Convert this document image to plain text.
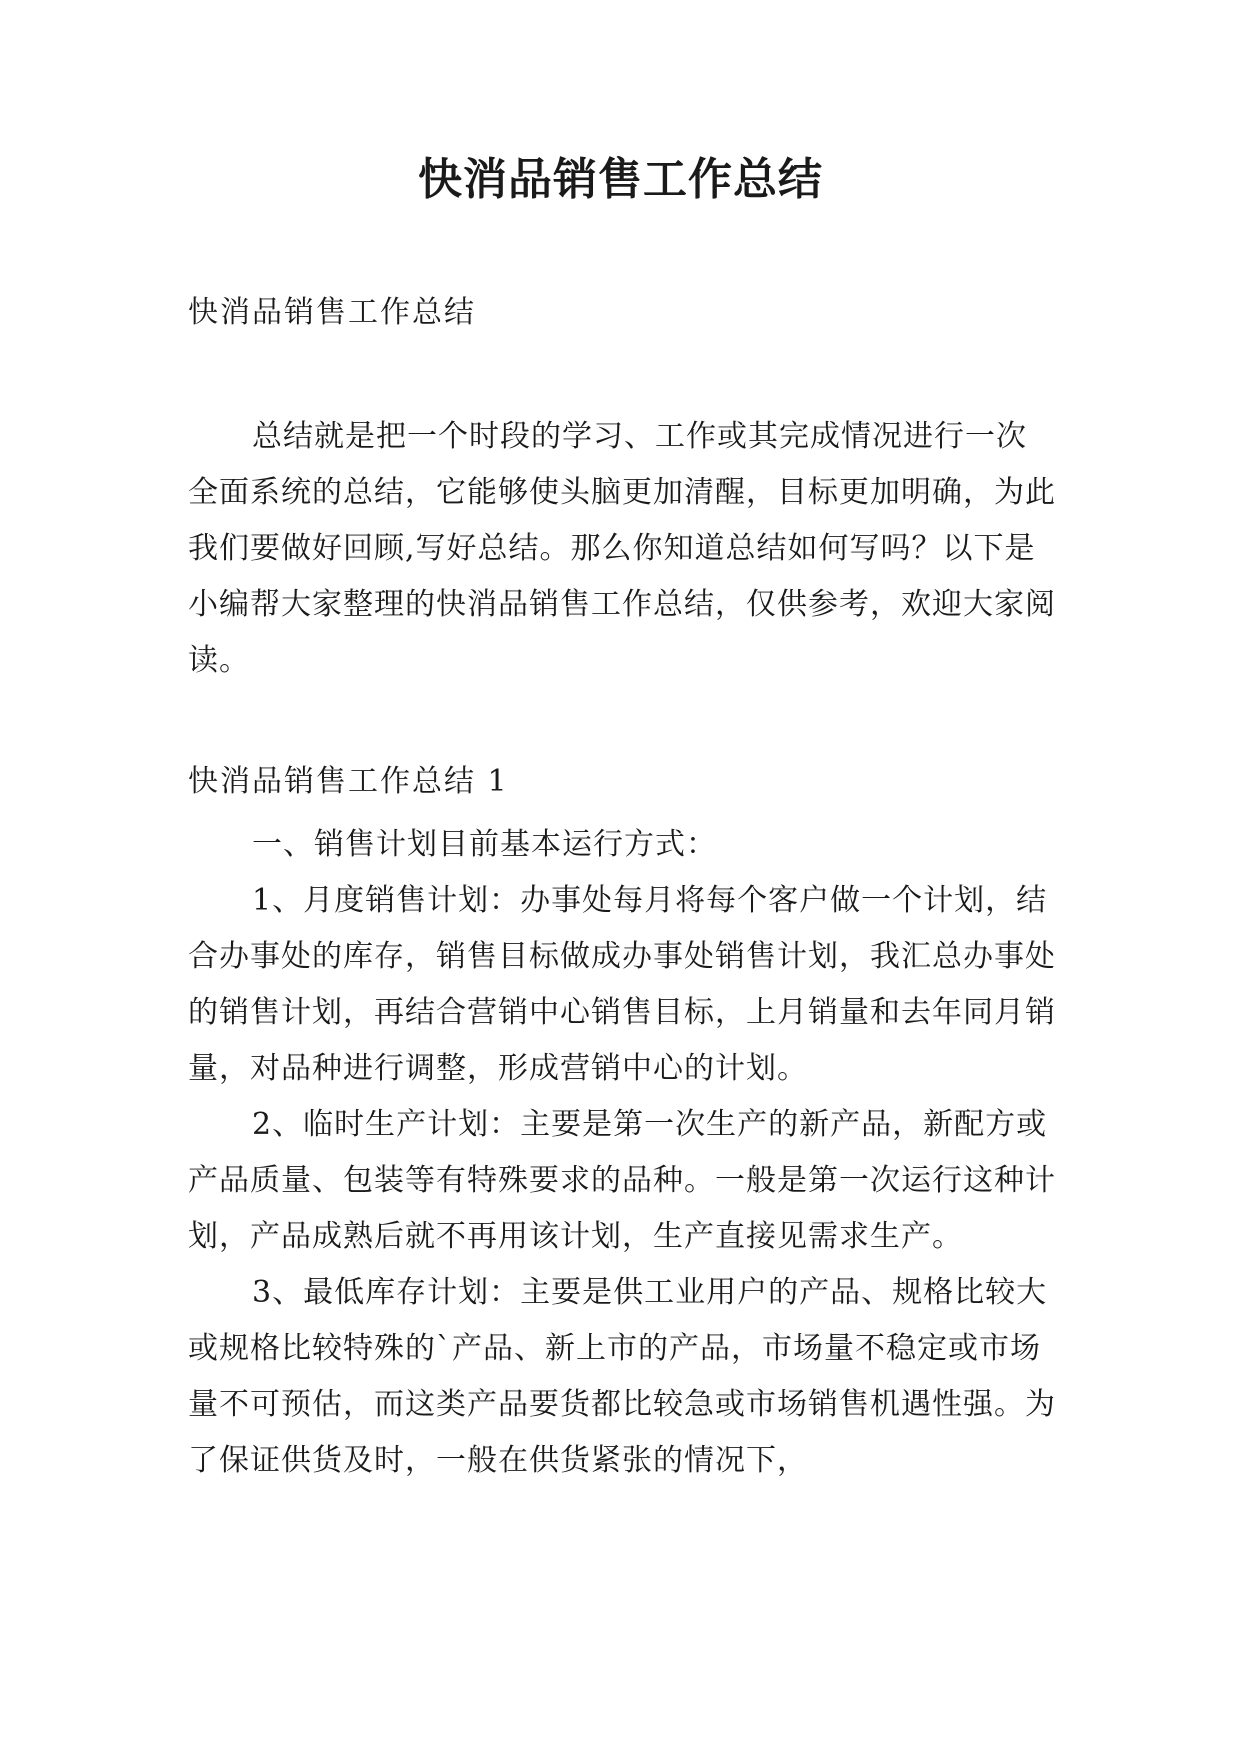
快消品销售工作总结

快消品销售工作总结

总结就是把一个时段的学习、工作或其完成情况进行一次全面系统的总结，它能够使头脑更加清醒，目标更加明确，为此我们要做好回顾,写好总结。那么你知道总结如何写吗？以下是小编帮大家整理的快消品销售工作总结，仅供参考，欢迎大家阅读。

快消品销售工作总结 1

一、销售计划目前基本运行方式：

1、月度销售计划：办事处每月将每个客户做一个计划，结合办事处的库存，销售目标做成办事处销售计划，我汇总办事处的销售计划，再结合营销中心销售目标，上月销量和去年同月销量，对品种进行调整，形成营销中心的计划。

2、临时生产计划：主要是第一次生产的新产品，新配方或产品质量、包装等有特殊要求的品种。一般是第一次运行这种计划，产品成熟后就不再用该计划，生产直接见需求生产。

3、最低库存计划：主要是供工业用户的产品、规格比较大或规格比较特殊的`产品、新上市的产品，市场量不稳定或市场量不可预估，而这类产品要货都比较急或市场销售机遇性强。为了保证供货及时，一般在供货紧张的情况下，
